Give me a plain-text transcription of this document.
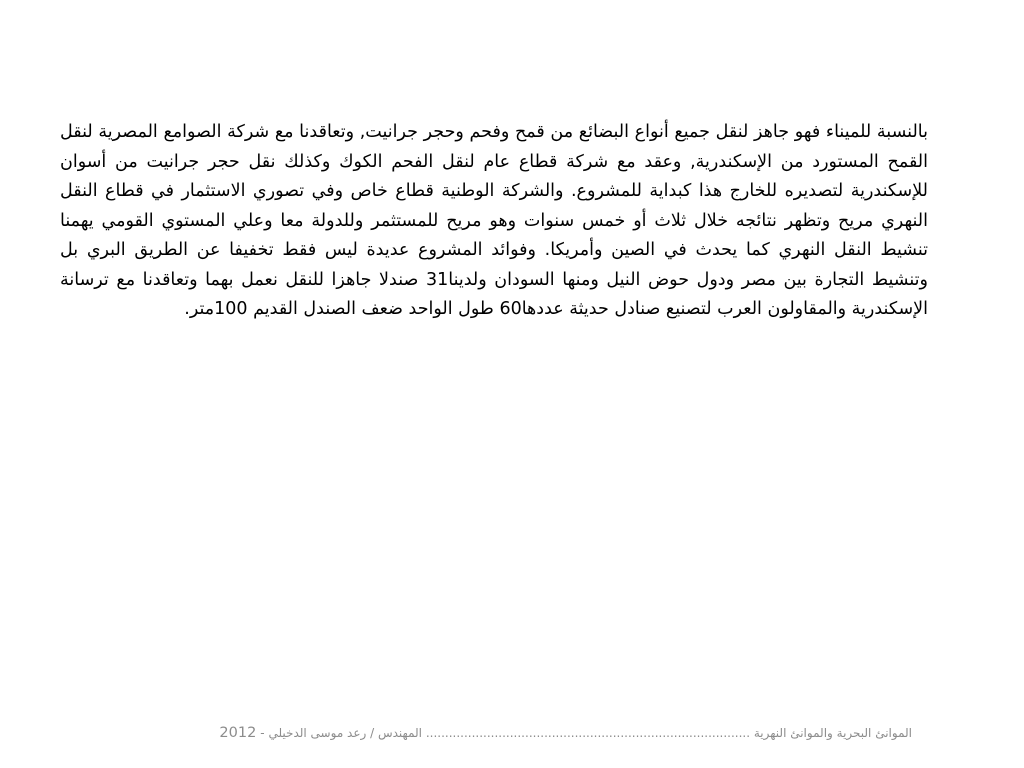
بالنسبة للميناء فهو جاهز لنقل جميع أنواع البضائع من قمح وفحم وحجر جرانيت, وتعاقدنا مع شركة الصوامع المصرية لنقل القمح المستورد من الإسكندرية, وعقد مع شركة قطاع عام لنقل الفحم الكوك وكذلك نقل حجر جرانيت من أسوان للإسكندرية لتصديره للخارج هذا كبداية للمشروع. والشركة الوطنية قطاع خاص وفي تصوري الاستثمار في قطاع النقل النهري مريح وتظهر نتائجه خلال ثلاث أو خمس سنوات وهو مريح للمستثمر وللدولة معا وعلي المستوي القومي يهمنا تنشيط النقل النهري كما يحدث في الصين وأمريكا. وفوائد المشروع عديدة ليس فقط تخفيفا عن الطريق البري بل وتنشيط التجارة بين مصر ودول حوض النيل ومنها السودان ولدينا31 صندلا جاهزا للنقل نعمل بهما وتعاقدنا مع ترسانة الإسكندرية والمقاولون العرب لتصنيع صنادل حديثة عددها60 طول الواحد ضعف الصندل القديم 100متر.

الموانئ البحرية والموانئ النهرية ..................................................................................... المهندس / رعد موسى الدخيلي -
2012
